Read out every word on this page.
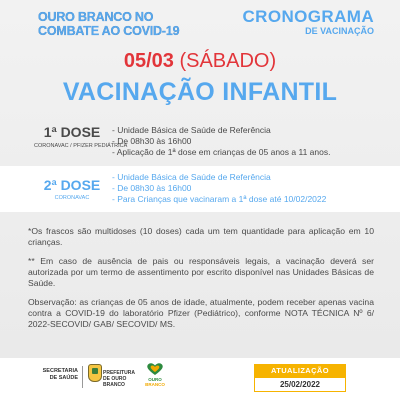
OURO BRANCO NO
COMBATE AO COVID-19
CRONOGRAMA
DE VACINAÇÃO
05/03 (SÁBADO)
VACINAÇÃO INFANTIL
1ª DOSE
CORONAVAC / PFIZER PEDIÁTRICA
- Unidade Básica de Saúde de Referência
- De 08h30 às 16h00
- Aplicação de 1ª dose em crianças de 05 anos a 11 anos.
2ª DOSE
CORONAVAC
- Unidade Básica de Saúde de Referência
- De 08h30 às 16h00
- Para Crianças que vacinaram a 1ª dose até 10/02/2022

*Os frascos são multidoses (10 doses) cada um tem quantidade para aplicação em 10 crianças.

** Em caso de ausência de pais ou responsáveis legais, a vacinação deverá ser autorizada por um termo de assentimento por escrito disponível nas Unidades Básicas de Saúde.

Observação: as crianças de 05 anos de idade, atualmente, podem receber apenas vacina contra a COVID-19 do laboratório Pfizer (Pediátrico), conforme NOTA TÉCNICA Nº 6/ 2022-SECOVID/ GAB/ SECOVID/ MS.

SECRETARIA DE SAÚDE
PREFEITURA DE OURO BRANCO
OURO
BRANCO
ATUALIZAÇÃO
25/02/2022
